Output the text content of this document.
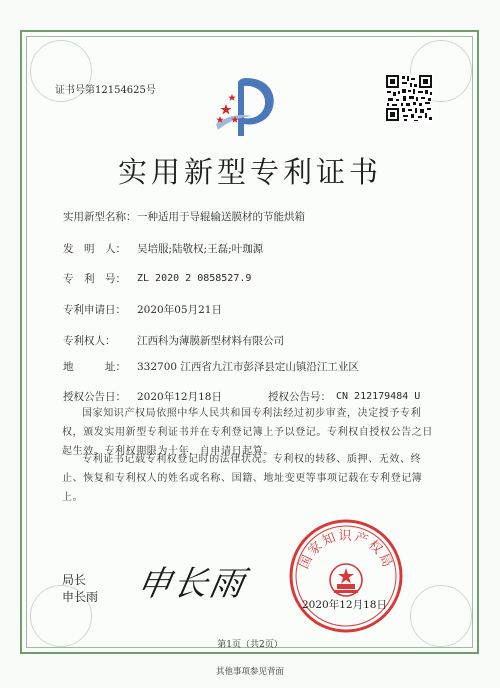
证书号第12154625号
实用新型专利证书
实用新型名称： 一种适用于导辊输送膜材的节能烘箱
发　明　人： 吴培服;陆敬权;王磊;叶珈源
专　利　号： ZL 2020 2 0858527.9
专利申请日： 2020年05月21日
专利权人： 江西科为薄膜新型材料有限公司
地　　　址： 332700 江西省九江市彭泽县定山镇沿江工业区
授权公告日： 2020年12月18日	授权公告号： CN 212179484 U
国家知识产权局依照中华人民共和国专利法经过初步审查，决定授予专利权，颁发实用新型专利证书并在专利登记簿上予以登记。专利权自授权公告之日起生效。专利权期限为十年，自申请日起算。
专利证书记载专利权登记时的法律状况。专利权的转移、质押、无效、终止、恢复和专利权人的姓名或名称、国籍、地址变更等事项记载在专利登记簿上。
局长
申长雨 申长雨
国家知识产权局
2020年12月18日
第1页（共2页）
其他事项参见背面
